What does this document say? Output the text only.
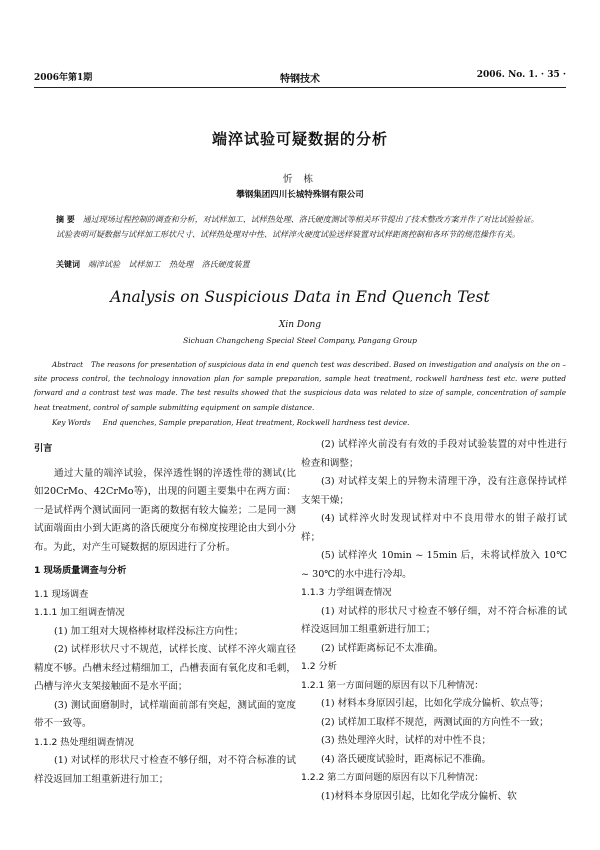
2006年第1期	特钢技术	2006. No. 1. · 35 ·
端淬试验可疑数据的分析
忻 栋
攀钢集团四川长城特殊钢有限公司
摘 要 通过现场过程控制的调查和分析，对试样加工、试样热处理、洛氏硬度测试等相关环节提出了技术整改方案并作了对比试验验证。试验表明可疑数据与试样加工形状尺寸、试样热处理对中性、试样淬火硬度试验送样装置对试样距离控制和各环节的规范操作有关。
关键词 端淬试验 试样加工 热处理 洛氏硬度装置
Analysis on Suspicious Data in End Quench Test
Xin Dong
Sichuan Changcheng Special Steel Company, Pangang Group
Abstract The reasons for presentation of suspicious data in end quench test was described. Based on investigation and analysis on the on – site process control, the technology innovation plan for sample preparation, sample heat treatment, rockwell hardness test etc. were putted forward and a contrast test was made. The test results showed that the suspicious data was related to size of sample, concentration of sample heat treatment, control of sample submitting equipment on sample distance.
Key Words End quenches, Sample preparation, Heat treatment, Rockwell hardness test device.

引言

通过大量的端淬试验，保淬透性钢的淬透性带的测试(比如20CrMo、42CrMo等)，出现的问题主要集中在两方面：一是试样两个测试面同一距离的数据有较大偏差；二是同一测试面端面由小到大距离的洛氏硬度分布梯度按理论由大到小分布。为此，对产生可疑数据的原因进行了分析。

1 现场质量调查与分析

1.1 现场调查

1.1.1 加工组调查情况

(1) 加工组对大规格棒材取样没标注方向性；

(2) 试样形状尺寸不规范，试样长度、试样不淬火端直径精度不够。凸槽未经过精细加工，凸槽表面有氧化皮和毛刺，凸槽与淬火支架接触面不是水平面；

(3) 测试面磨制时，试样端面前部有突起，测试面的宽度带不一致等。

1.1.2 热处理组调查情况

(1) 对试样的形状尺寸检查不够仔细，对不符合标准的试样没返回加工组重新进行加工；

(2) 试样淬火前没有有效的手段对试验装置的对中性进行检查和调整；

(3) 对试样支架上的异物未清理干净，没有注意保持试样支架干燥；

(4) 试样淬火时发现试样对中不良用带水的钳子敲打试样；

(5) 试样淬火 10min ~ 15min 后，未将试样放入 10℃ ~ 30℃的水中进行冷却。

1.1.3 力学组调查情况

(1) 对试样的形状尺寸检查不够仔细，对不符合标准的试样没返回加工组重新进行加工；

(2) 试样距离标记不太准确。

1.2 分析

1.2.1 第一方面问题的原因有以下几种情况：

(1) 材料本身原因引起，比如化学成分偏析、软点等；

(2) 试样加工取样不规范，两测试面的方向性不一致；

(3) 热处理淬火时，试样的对中性不良；

(4) 洛氏硬度试验时，距离标记不准确。

1.2.2 第二方面问题的原因有以下几种情况：

(1)材料本身原因引起，比如化学成分偏析、软
